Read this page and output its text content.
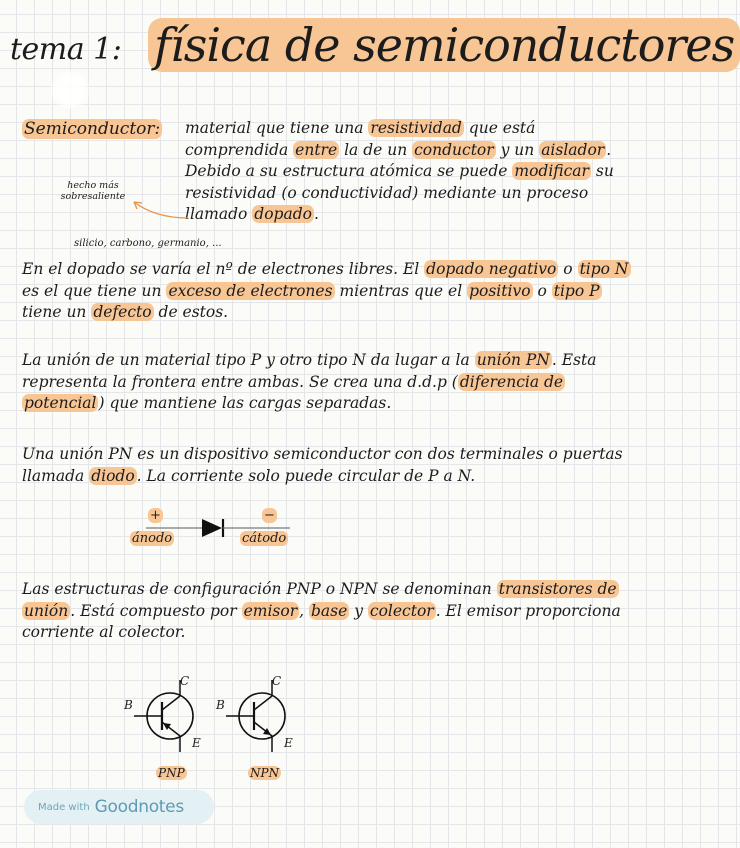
tema 1: física de semiconductores
Semiconductor: material que tiene una resistividad que está comprendida entre la de un conductor y un aislador . Debido a su estructura atómica se puede modificar su resistividad (o conductividad) mediante un proceso llamado dopado .
hecho más sobresaliente
silicio, carbono, germanio, ...
En el dopado se varía el nº de electrones libres. El dopado negativo o tipo N es el que tiene un exceso de electrones mientras que el positivo o tipo P tiene un defecto de estos.
La unión de un material tipo P y otro tipo N da lugar a la unión PN . Esta representa la frontera entre ambas. Se crea una d.d.p ( diferencia de potencial ) que mantiene las cargas separadas.
Una unión PN es un dispositivo semiconductor con dos terminales o puertas llamada diodo . La corriente solo puede circular de P a N.
+	−
ánodo	cátodo
Las estructuras de configuración PNP o NPN se denominan transistores de unión . Está compuesto por emisor , base y colector . El emisor proporciona corriente al colector.
B
C
E
PNP
B
C
E
NPN
Made with Goodnotes
